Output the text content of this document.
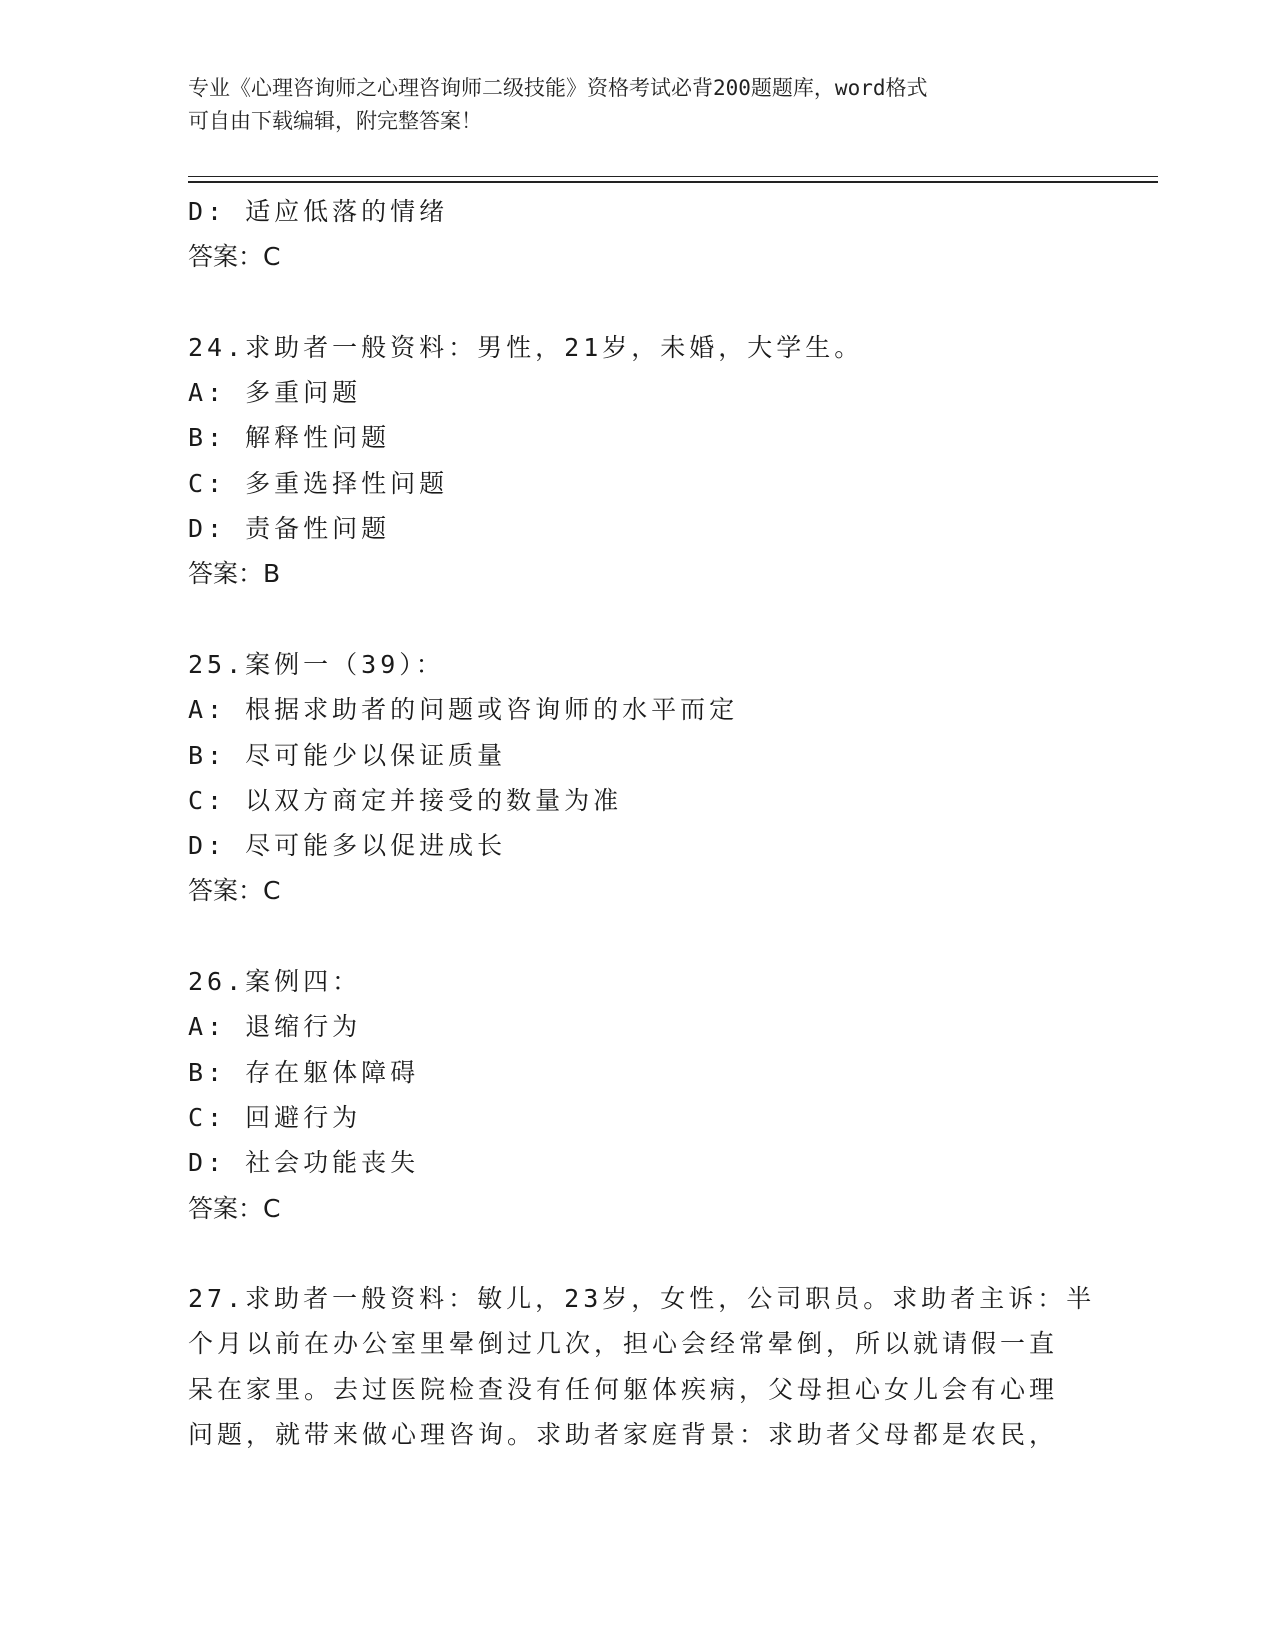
专业《心理咨询师之心理咨询师二级技能》资格考试必背200题题库，word格式
可自由下载编辑，附完整答案！
D: 适应低落的情绪
答案：C
24.求助者一般资料：男性，21岁，未婚，大学生。
A: 多重问题
B: 解释性问题
C: 多重选择性问题
D: 责备性问题
答案：B
25.案例一（39）：
A: 根据求助者的问题或咨询师的水平而定
B: 尽可能少以保证质量
C: 以双方商定并接受的数量为准
D: 尽可能多以促进成长
答案：C
26.案例四：
A: 退缩行为
B: 存在躯体障碍
C: 回避行为
D: 社会功能丧失
答案：C
27.求助者一般资料：敏儿，23岁，女性，公司职员。求助者主诉：半
个月以前在办公室里晕倒过几次，担心会经常晕倒，所以就请假一直
呆在家里。去过医院检查没有任何躯体疾病，父母担心女儿会有心理
问题，就带来做心理咨询。求助者家庭背景：求助者父母都是农民，
